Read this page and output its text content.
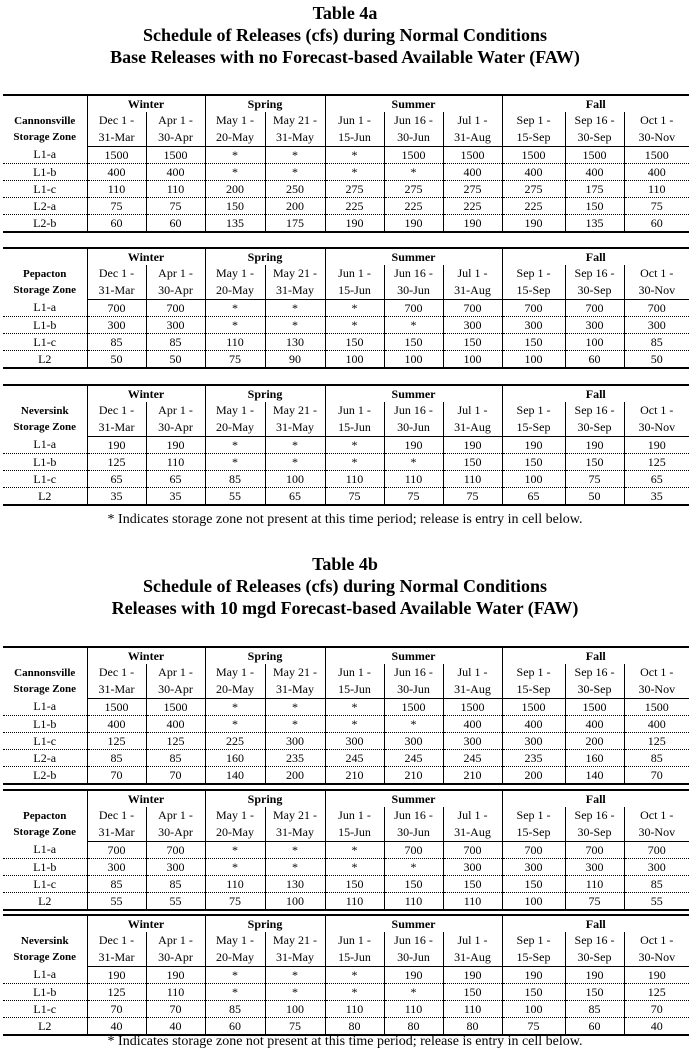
Table 4a
Schedule of Releases (cfs) during Normal Conditions
Base Releases with no Forecast-based Available Water (FAW)
	Winter		Spring		Summer			Fall		

Cannonsville
Storage Zone	Dec 1 -	Apr 1 -	May 1 -	May 21 -	Jun 1 -	Jun 16 -	Jul 1 -	Sep 1 -	Sep 16 -	Oct 1 -
	31-Mar	30-Apr	20-May	31-May	15-Jun	30-Jun	31-Aug	15-Sep	30-Sep	30-Nov
L1-a	1500	1500	*	*	*	1500	1500	1500	1500	1500
L1-b	400	400	*	*	*	*	400	400	400	400
L1-c	110	110	200	250	275	275	275	275	175	110
L2-a	75	75	150	200	225	225	225	225	150	75
L2-b	60	60	135	175	190	190	190	190	135	60
	Winter		Spring		Summer			Fall		

Pepacton
Storage Zone	Dec 1 -	Apr 1 -	May 1 -	May 21 -	Jun 1 -	Jun 16 -	Jul 1 -	Sep 1 -	Sep 16 -	Oct 1 -
	31-Mar	30-Apr	20-May	31-May	15-Jun	30-Jun	31-Aug	15-Sep	30-Sep	30-Nov
L1-a	700	700	*	*	*	700	700	700	700	700
L1-b	300	300	*	*	*	*	300	300	300	300
L1-c	85	85	110	130	150	150	150	150	100	85
L2	50	50	75	90	100	100	100	100	60	50
	Winter		Spring		Summer			Fall		

Neversink
Storage Zone	Dec 1 -	Apr 1 -	May 1 -	May 21 -	Jun 1 -	Jun 16 -	Jul 1 -	Sep 1 -	Sep 16 -	Oct 1 -
	31-Mar	30-Apr	20-May	31-May	15-Jun	30-Jun	31-Aug	15-Sep	30-Sep	30-Nov
L1-a	190	190	*	*	*	190	190	190	190	190
L1-b	125	110	*	*	*	*	150	150	150	125
L1-c	65	65	85	100	110	110	110	100	75	65
L2	35	35	55	65	75	75	75	65	50	35
* Indicates storage zone not present at this time period; release is entry in cell below.
Table 4b
Schedule of Releases (cfs) during Normal Conditions
Releases with 10 mgd Forecast-based Available Water (FAW)
	Winter		Spring		Summer			Fall		

Cannonsville
Storage Zone	Dec 1 -	Apr 1 -	May 1 -	May 21 -	Jun 1 -	Jun 16 -	Jul 1 -	Sep 1 -	Sep 16 -	Oct 1 -
	31-Mar	30-Apr	20-May	31-May	15-Jun	30-Jun	31-Aug	15-Sep	30-Sep	30-Nov
L1-a	1500	1500	*	*	*	1500	1500	1500	1500	1500
L1-b	400	400	*	*	*	*	400	400	400	400
L1-c	125	125	225	300	300	300	300	300	200	125
L2-a	85	85	160	235	245	245	245	235	160	85
L2-b	70	70	140	200	210	210	210	200	140	70
	Winter		Spring		Summer			Fall		

Pepacton
Storage Zone	Dec 1 -	Apr 1 -	May 1 -	May 21 -	Jun 1 -	Jun 16 -	Jul 1 -	Sep 1 -	Sep 16 -	Oct 1 -
	31-Mar	30-Apr	20-May	31-May	15-Jun	30-Jun	31-Aug	15-Sep	30-Sep	30-Nov
L1-a	700	700	*	*	*	700	700	700	700	700
L1-b	300	300	*	*	*	*	300	300	300	300
L1-c	85	85	110	130	150	150	150	150	110	85
L2	55	55	75	100	110	110	110	100	75	55
	Winter		Spring		Summer			Fall		

Neversink
Storage Zone	Dec 1 -	Apr 1 -	May 1 -	May 21 -	Jun 1 -	Jun 16 -	Jul 1 -	Sep 1 -	Sep 16 -	Oct 1 -
	31-Mar	30-Apr	20-May	31-May	15-Jun	30-Jun	31-Aug	15-Sep	30-Sep	30-Nov
L1-a	190	190	*	*	*	190	190	190	190	190
L1-b	125	110	*	*	*	*	150	150	150	125
L1-c	70	70	85	100	110	110	110	100	85	70
L2	40	40	60	75	80	80	80	75	60	40
* Indicates storage zone not present at this time period; release is entry in cell below.
